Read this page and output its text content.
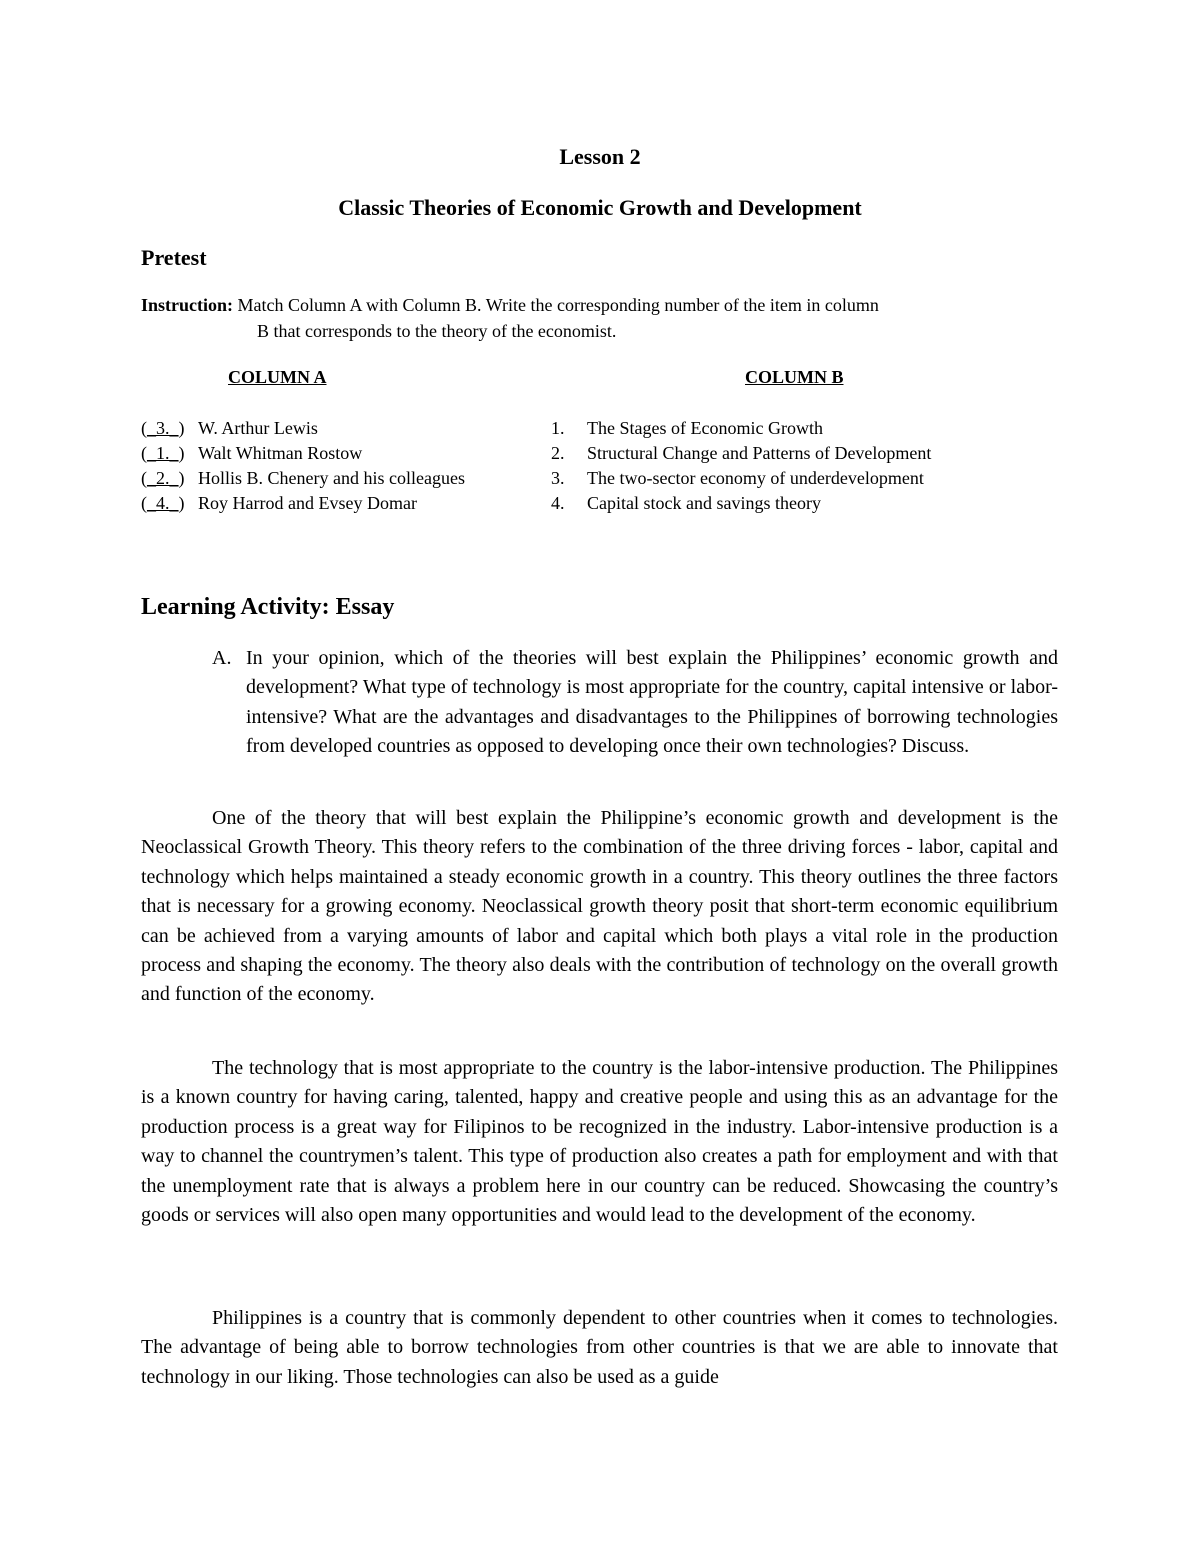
Lesson 2
Classic Theories of Economic Growth and Development
Pretest
Instruction: Match Column A with Column B. Write the corresponding number of the item in column
B that corresponds to the theory of the economist.
COLUMN A	COLUMN B
(_3._) W. Arthur Lewis
(_1._) Walt Whitman Rostow
(_2._) Hollis B. Chenery and his colleagues
(_4._) Roy Harrod and Evsey Domar
1. The Stages of Economic Growth
2. Structural Change and Patterns of Development
3. The two-sector economy of underdevelopment
4. Capital stock and savings theory
Learning Activity: Essay
A. In your opinion, which of the theories will best explain the Philippines’ economic growth and development? What type of technology is most appropriate for the country, capital intensive or labor-intensive? What are the advantages and disadvantages to the Philippines of borrowing technologies from developed countries as opposed to developing once their own technologies? Discuss.

One of the theory that will best explain the Philippine’s economic growth and development is the Neoclassical Growth Theory. This theory refers to the combination of the three driving forces - labor, capital and technology which helps maintained a steady economic growth in a country. This theory outlines the three factors that is necessary for a growing economy. Neoclassical growth theory posit that short-term economic equilibrium can be achieved from a varying amounts of labor and capital which both plays a vital role in the production process and shaping the economy. The theory also deals with the contribution of technology on the overall growth and function of the economy.

The technology that is most appropriate to the country is the labor-intensive production. The Philippines is a known country for having caring, talented, happy and creative people and using this as an advantage for the production process is a great way for Filipinos to be recognized in the industry. Labor-intensive production is a way to channel the countrymen’s talent. This type of production also creates a path for employment and with that the unemployment rate that is always a problem here in our country can be reduced. Showcasing the country’s goods or services will also open many opportunities and would lead to the development of the economy.

Philippines is a country that is commonly dependent to other countries when it comes to technologies. The advantage of being able to borrow technologies from other countries is that we are able to innovate that technology in our liking. Those technologies can also be used as a guide
